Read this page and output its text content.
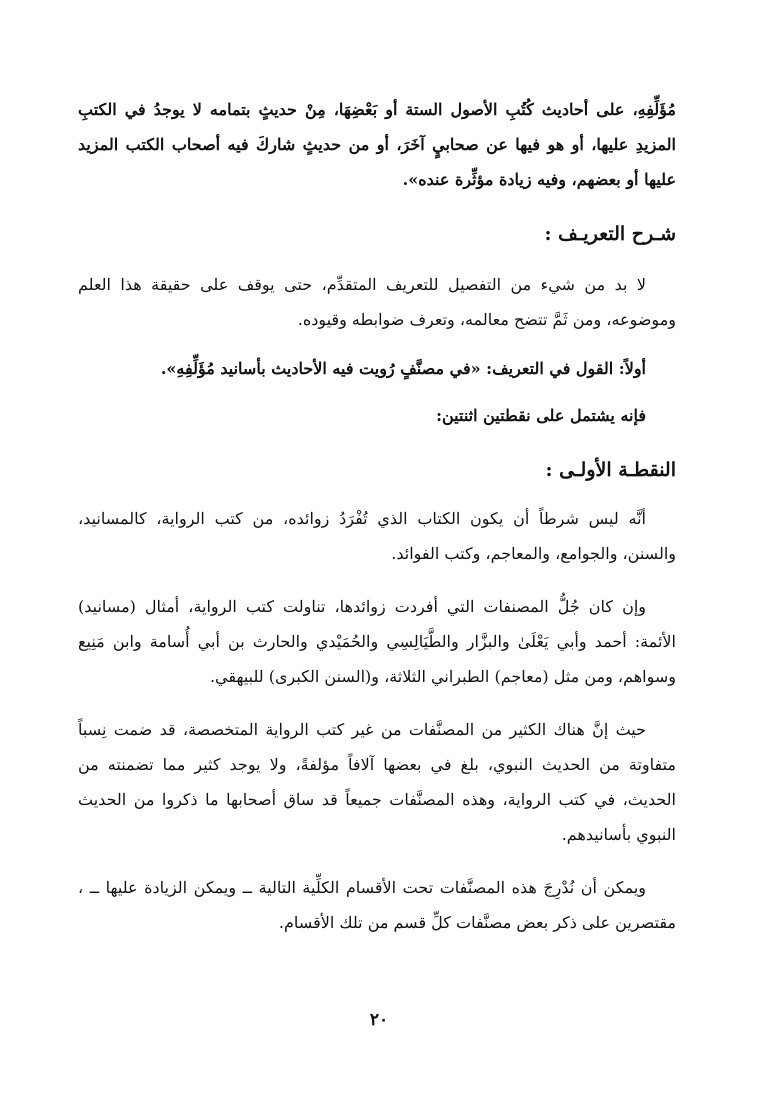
مُؤَلِّفِهِ، على أحاديث كُتُبِ الأصول الستة أو بَعْضِهَا، مِنْ حديثٍ بتمامه لا يوجدُ في الكتبِ المزيدِ عليها، أو هو فيها عن صحابيٍ آخَرَ، أو من حديثٍ شاركَ فيه أصحاب الكتب المزيد عليها أو بعضهم، وفيه زيادة مؤثِّرة عنده».

شـرح التعريـف :

لا بد من شيء من التفصيل للتعريف المتقدِّم، حتى يوقف على حقيقة هذا العلم وموضوعه، ومن ثَمَّ تتضح معالمه، وتعرف ضوابطه وقيوده.

أولاً: القول في التعريف: «في مصنَّفٍ رُويت فيه الأحاديث بأسانيد مُؤَلِّفِهِ».

فإنه يشتمل على نقطتين اثنتين:

النقطـة الأولـى :

أنَّه ليس شرطاً أن يكون الكتاب الذي تُفْرَدُ زوائده، من كتب الرواية، كالمسانيد، والسنن، والجوامع، والمعاجم، وكتب الفوائد.

وإن كان جُلُّ المصنفات التي أفردت زوائدها، تناولت كتب الرواية، أمثال (مسانيد) الأئمة: أحمد وأبي يَعْلَىٰ والبزَّار والطَّيَالِسِي والحُمَيْدي والحارث بن أبي أُسامة وابن مَنِيع وسواهم، ومن مثل (معاجم) الطبراني الثلاثة، و(السنن الكبرى) للبيهقي.

حيث إنَّ هناك الكثير من المصنَّفات من غير كتب الرواية المتخصصة، قد ضمت نِسباً متفاوتة من الحديث النبوي، بلغ في بعضها آلافاً مؤلفةً، ولا يوجد كثير مما تضمنته من الحديث، في كتب الرواية، وهذه المصنَّفات جميعاً قد ساق أصحابها ما ذكروا من الحديث النبوي بأسانيدهم.

ويمكن أن نُدْرِجَ هذه المصنَّفات تحت الأقسام الكلِّية التالية ــ ويمكن الزيادة عليها ــ ، مقتصرين على ذكر بعض مصنَّفات كلِّ قسم من تلك الأقسام.

٢٠
